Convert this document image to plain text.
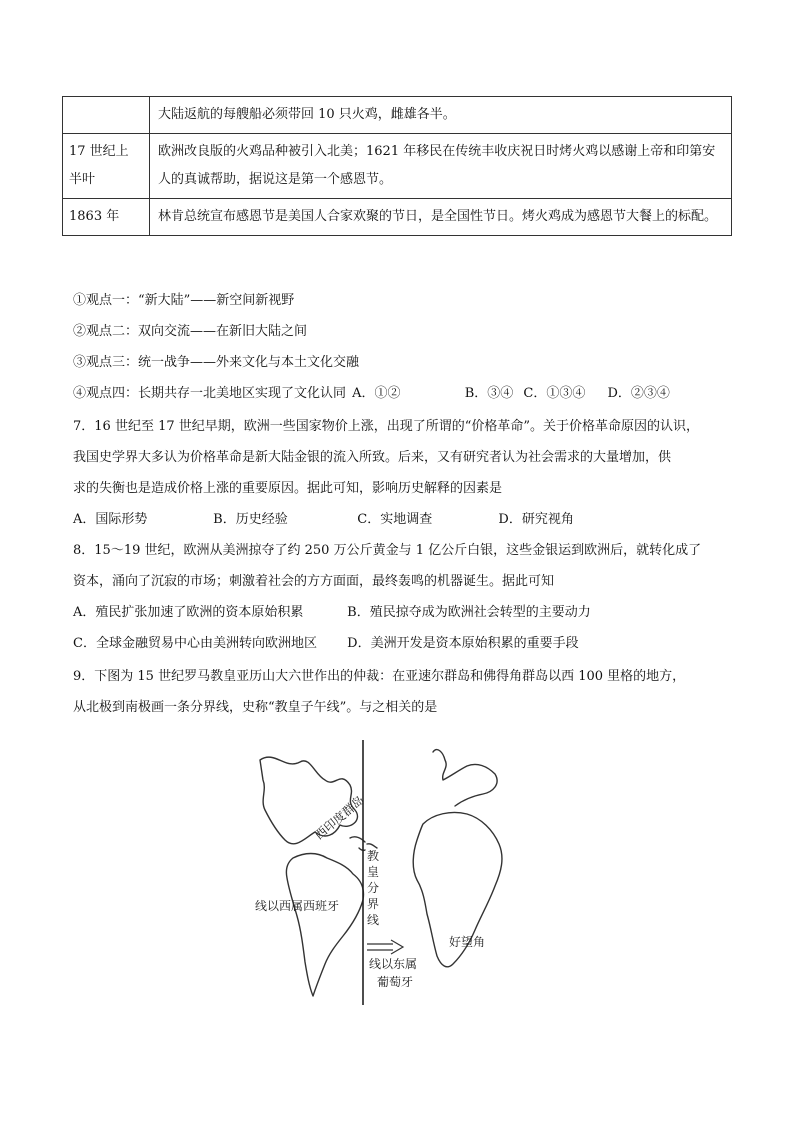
	大陆返航的每艘船必须带回 10 只火鸡，雌雄各半。

17 世纪上
半叶	欧洲改良版的火鸡品种被引入北美；1621 年移民在传统丰收庆祝日时烤火鸡以感谢上帝和印第安人的真诚帮助，据说这是第一个感恩节。
1863 年	林肯总统宣布感恩节是美国人合家欢聚的节日，是全国性节日。烤火鸡成为感恩节大餐上的标配。
①观点一：“新大陆”——新空间新视野
②观点二：双向交流——在新旧大陆之间
③观点三：统一战争——外来文化与本土文化交融
④观点四：长期共存一北美地区实现了文化认同 A．①②	B．③④ C．①③④ D．②③④
7．16 世纪至 17 世纪早期，欧洲一些国家物价上涨，出现了所谓的“价格革命”。关于价格革命原因的认识，
我国史学界大多认为价格革命是新大陆金银的流入所致。后来，又有研究者认为社会需求的大量增加，供
求的失衡也是造成价格上涨的重要原因。据此可知，影响历史解释的因素是
A．国际形势	B．历史经验	C．实地调查	D．研究视角
8．15～19 世纪，欧洲从美洲掠夺了约 250 万公斤黄金与 1 亿公斤白银，这些金银运到欧洲后，就转化成了
资本，涌向了沉寂的市场；刺激着社会的方方面面，最终轰鸣的机器诞生。据此可知
A．殖民扩张加速了欧洲的资本原始积累	B．殖民掠夺成为欧洲社会转型的主要动力
C．全球金融贸易中心由美洲转向欧洲地区 D．美洲开发是资本原始积累的重要手段
9．下图为 15 世纪罗马教皇亚历山大六世作出的仲裁：在亚速尔群岛和佛得角群岛以西 100 里格的地方，
从北极到南极画一条分界线，史称“教皇子午线”。与之相关的是
西印度群岛
教
皇
分
界
线
线以西属西班牙
线以东属
葡萄牙
好望角
